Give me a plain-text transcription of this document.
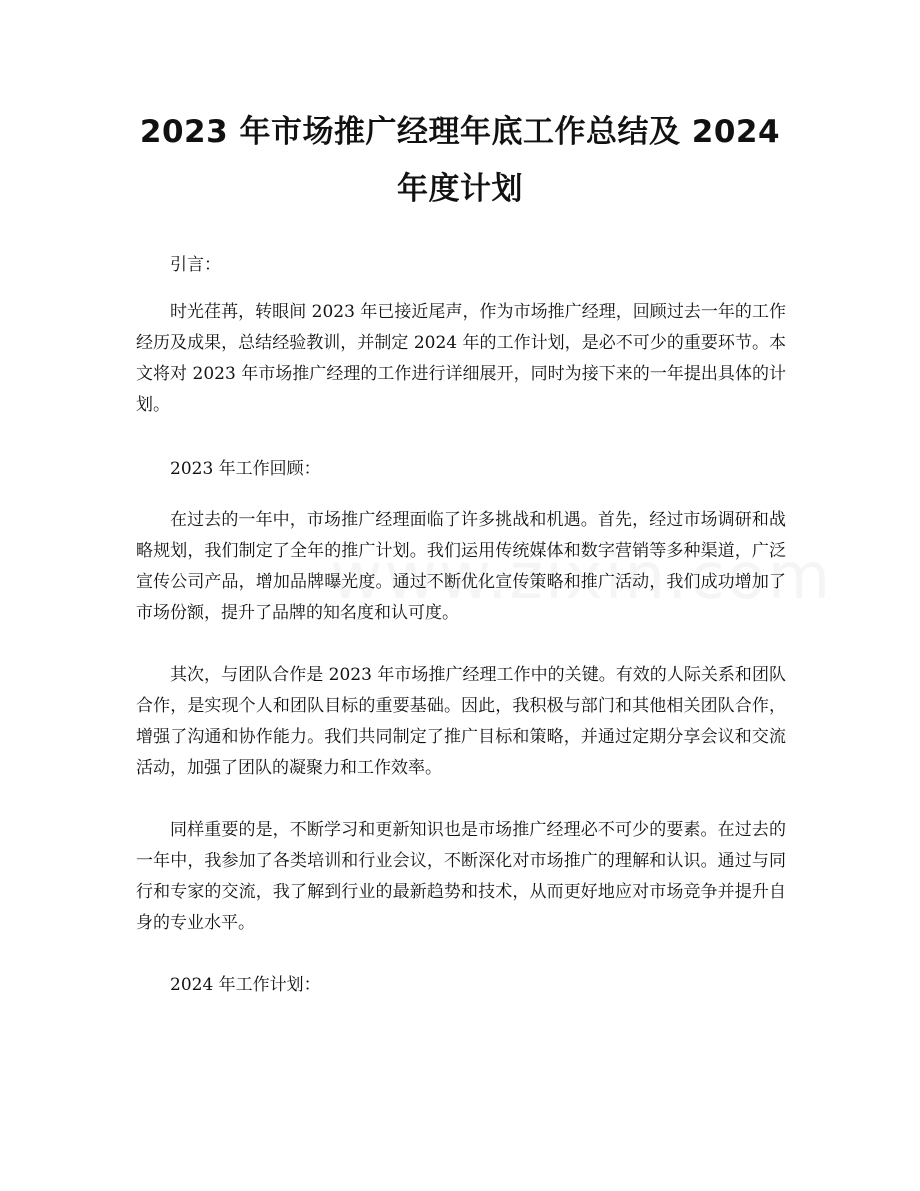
2023 年市场推广经理年底工作总结及 2024
年度计划

引言：

时光荏苒，转眼间 2023 年已接近尾声，作为市场推广经理，回顾过去一年的工作经历及成果，总结经验教训，并制定 2024 年的工作计划，是必不可少的重要环节。本文将对 2023 年市场推广经理的工作进行详细展开，同时为接下来的一年提出具体的计划。

2023 年工作回顾：

在过去的一年中，市场推广经理面临了许多挑战和机遇。首先，经过市场调研和战略规划，我们制定了全年的推广计划。我们运用传统媒体和数字营销等多种渠道，广泛宣传公司产品，增加品牌曝光度。通过不断优化宣传策略和推广活动，我们成功增加了市场份额，提升了品牌的知名度和认可度。

其次，与团队合作是 2023 年市场推广经理工作中的关键。有效的人际关系和团队合作，是实现个人和团队目标的重要基础。因此，我积极与部门和其他相关团队合作，增强了沟通和协作能力。我们共同制定了推广目标和策略，并通过定期分享会议和交流活动，加强了团队的凝聚力和工作效率。

同样重要的是，不断学习和更新知识也是市场推广经理必不可少的要素。在过去的一年中，我参加了各类培训和行业会议，不断深化对市场推广的理解和认识。通过与同行和专家的交流，我了解到行业的最新趋势和技术，从而更好地应对市场竞争并提升自身的专业水平。

2024 年工作计划：
